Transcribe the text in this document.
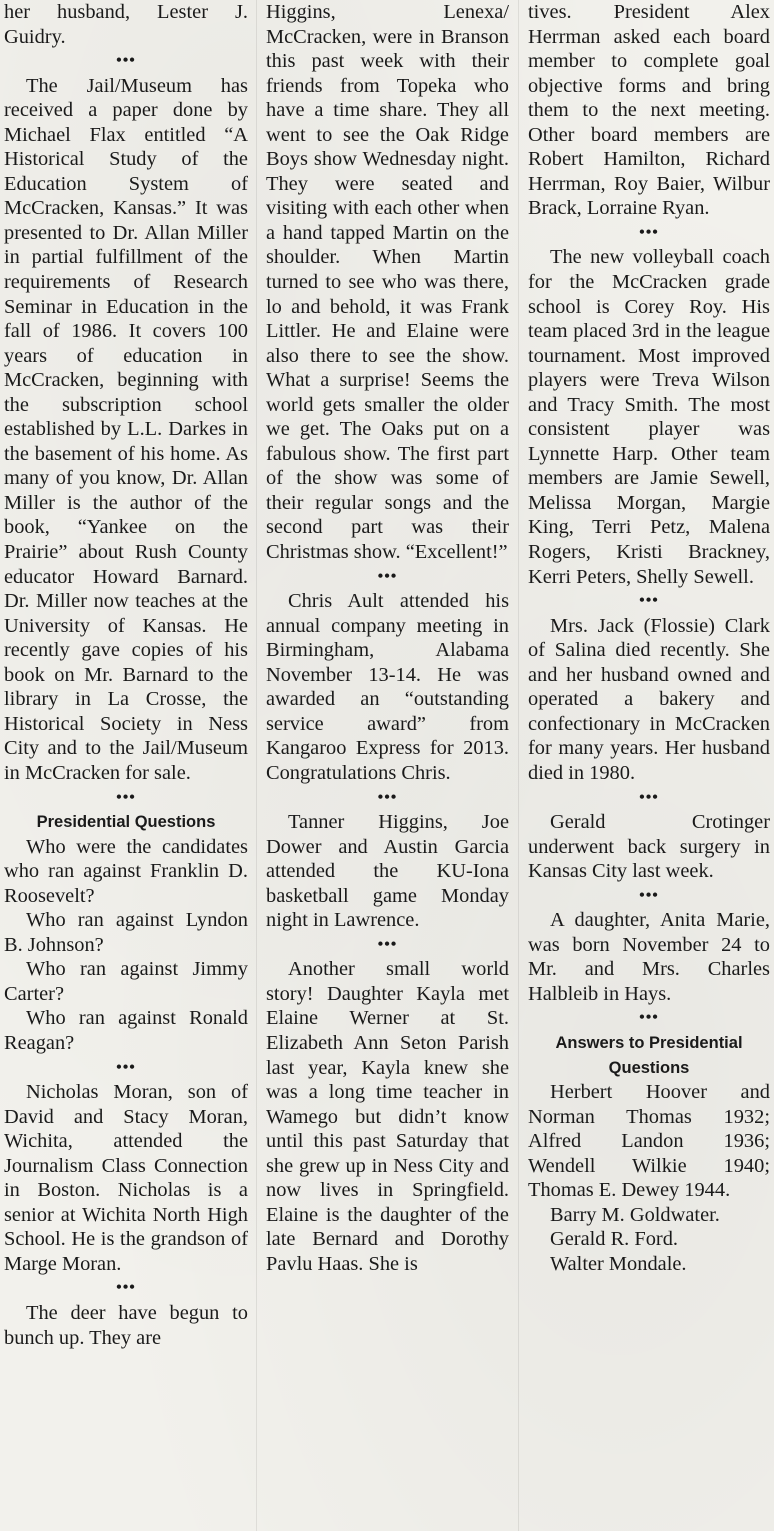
her husband, Lester J. Guidry.

•••

The Jail/Museum has received a paper done by Michael Flax entitled “A Historical Study of the Education System of McCracken, Kansas.” It was presented to Dr. Allan Miller in partial fulfillment of the requirements of Research Seminar in Education in the fall of 1986. It covers 100 years of education in McCracken, beginning with the subscription school established by L.L. Darkes in the basement of his home. As many of you know, Dr. Allan Miller is the author of the book, “Yankee on the Prairie” about Rush County educator Howard Barnard. Dr. Miller now teaches at the University of Kansas. He recently gave copies of his book on Mr. Barnard to the library in La Crosse, the Historical Society in Ness City and to the Jail/Museum in McCracken for sale.

•••
Presidential Questions

Who were the candidates who ran against Franklin D. Roosevelt?

Who ran against Lyndon B. Johnson?

Who ran against Jimmy Carter?

Who ran against Ronald Reagan?

•••

Nicholas Moran, son of David and Stacy Moran, Wichita, attended the Journalism Class Connection in Boston. Nicholas is a senior at Wichita North High School. He is the grandson of Marge Moran.

•••

The deer have begun to bunch up. They are

Higgins, Lenexa/ McCracken, were in Branson this past week with their friends from Topeka who have a time share. They all went to see the Oak Ridge Boys show Wednesday night. They were seated and visiting with each other when a hand tapped Martin on the shoulder. When Martin turned to see who was there, lo and behold, it was Frank Littler. He and Elaine were also there to see the show. What a surprise! Seems the world gets smaller the older we get. The Oaks put on a fabulous show. The first part of the show was some of their regular songs and the second part was their Christmas show. “Excellent!”

•••

Chris Ault attended his annual company meeting in Birmingham, Alabama November 13-14. He was awarded an “outstanding service award” from Kangaroo Express for 2013. Congratulations Chris.

•••

Tanner Higgins, Joe Dower and Austin Garcia attended the KU-Iona basketball game Monday night in Lawrence.

•••

Another small world story! Daughter Kayla met Elaine Werner at St. Elizabeth Ann Seton Parish last year, Kayla knew she was a long time teacher in Wamego but didn’t know until this past Saturday that she grew up in Ness City and now lives in Springfield. Elaine is the daughter of the late Bernard and Dorothy Pavlu Haas. She is

tives. President Alex Herrman asked each board member to complete goal objective forms and bring them to the next meeting. Other board members are Robert Hamilton, Richard Herrman, Roy Baier, Wilbur Brack, Lorraine Ryan.

•••

The new volleyball coach for the McCracken grade school is Corey Roy. His team placed 3rd in the league tournament. Most improved players were Treva Wilson and Tracy Smith. The most consistent player was Lynnette Harp. Other team members are Jamie Sewell, Melissa Morgan, Margie King, Terri Petz, Malena Rogers, Kristi Brackney, Kerri Peters, Shelly Sewell.

•••

Mrs. Jack (Flossie) Clark of Salina died recently. She and her husband owned and operated a bakery and confectionary in McCracken for many years. Her husband died in 1980.

•••

Gerald Crotinger underwent back surgery in Kansas City last week.

•••

A daughter, Anita Marie, was born November 24 to Mr. and Mrs. Charles Halbleib in Hays.

•••
Answers to Presidential Questions

Herbert Hoover and Norman Thomas 1932; Alfred Landon 1936; Wendell Wilkie 1940; Thomas E. Dewey 1944.

Barry M. Goldwater.

Gerald R. Ford.

Walter Mondale.
